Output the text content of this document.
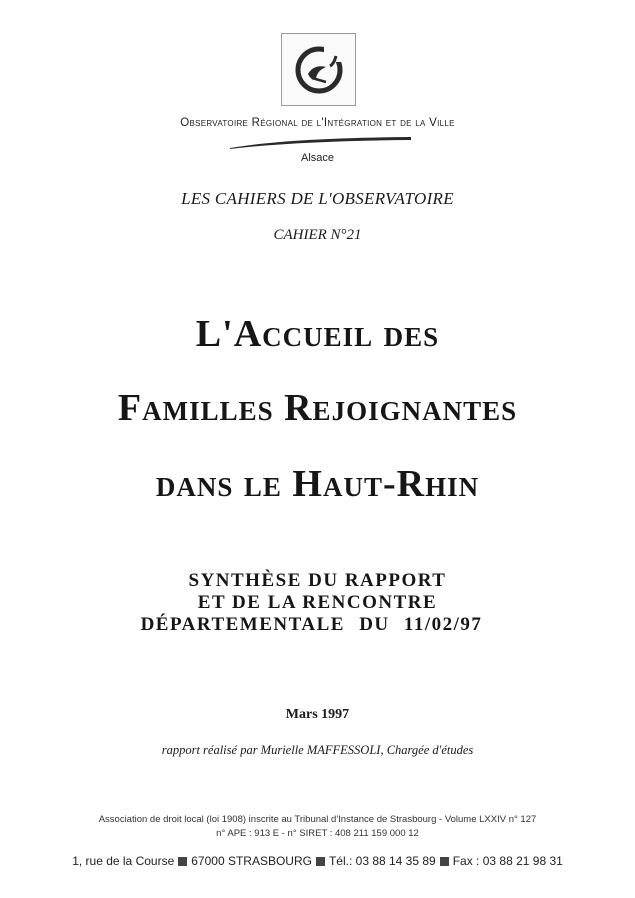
Observatoire Régional de l'Intégration et de la Ville
Alsace
LES CAHIERS DE L'OBSERVATOIRE
CAHIER N°21
L'Accueil des
Familles Rejoignantes
dans le Haut-Rhin
SYNTHÈSE DU RAPPORT
ET DE LA RENCONTRE
DÉPARTEMENTALE DU 11/02/97
Mars 1997
rapport réalisé par Murielle MAFFESSOLI, Chargée d'études
Association de droit local (loi 1908) inscrite au Tribunal d'Instance de Strasbourg - Volume LXXIV n° 127
n° APE : 913 E - n° SIRET : 408 211 159 000 12
1, rue de la Course 67000 STRASBOURG Tél.: 03 88 14 35 89 Fax : 03 88 21 98 31
